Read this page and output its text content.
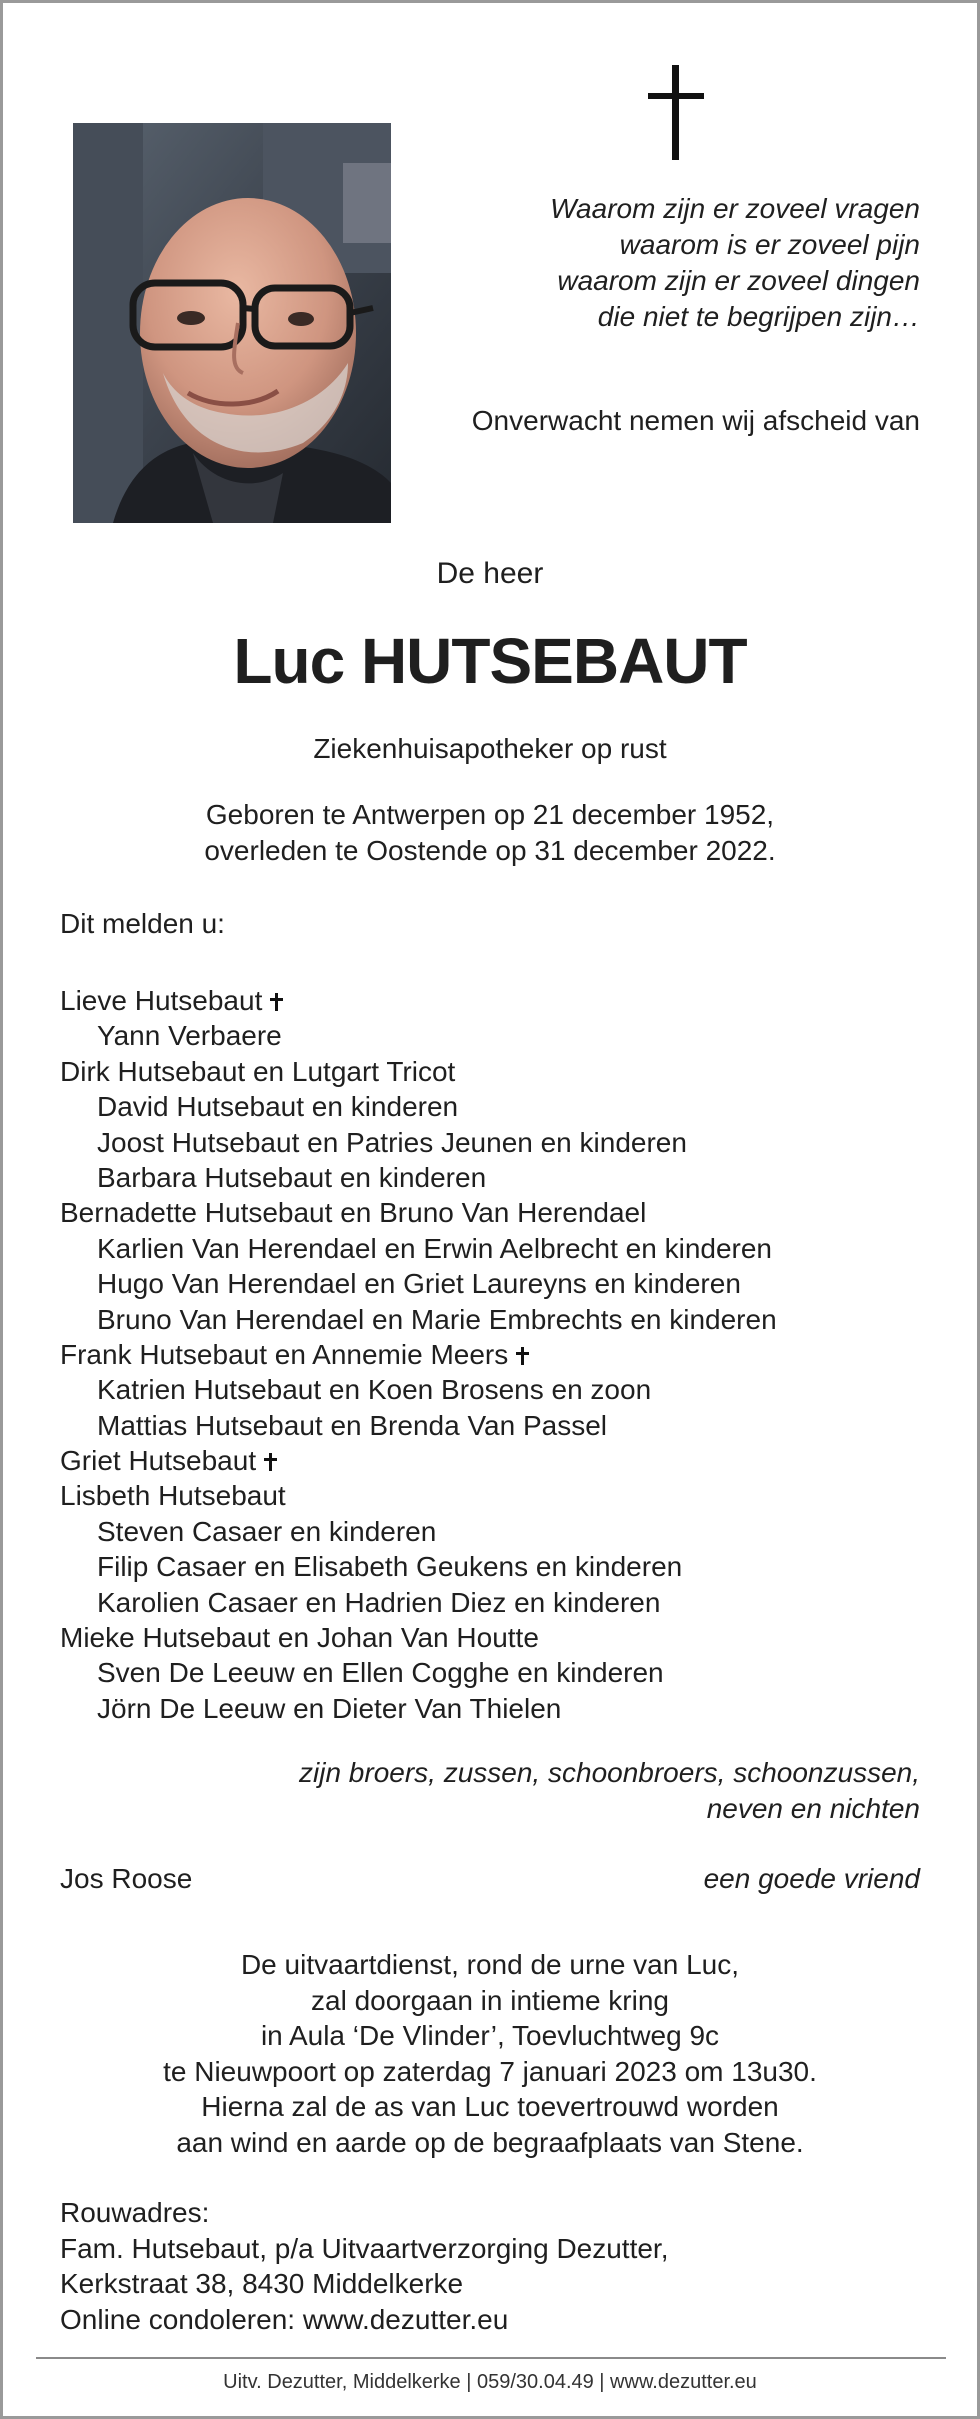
Waarom zijn er zoveel vragen
waarom is er zoveel pijn
waarom zijn er zoveel dingen
die niet te begrijpen zijn…
Onverwacht nemen wij afscheid van
De heer
Luc HUTSEBAUT
Ziekenhuisapotheker op rust
Geboren te Antwerpen op 21 december 1952,
overleden te Oostende op 31 december 2022.
Dit melden u:
Lieve Hutsebaut
Yann Verbaere
Dirk Hutsebaut en Lutgart Tricot
David Hutsebaut en kinderen
Joost Hutsebaut en Patries Jeunen en kinderen
Barbara Hutsebaut en kinderen
Bernadette Hutsebaut en Bruno Van Herendael
Karlien Van Herendael en Erwin Aelbrecht en kinderen
Hugo Van Herendael en Griet Laureyns en kinderen
Bruno Van Herendael en Marie Embrechts en kinderen
Frank Hutsebaut en Annemie Meers
Katrien Hutsebaut en Koen Brosens en zoon
Mattias Hutsebaut en Brenda Van Passel
Griet Hutsebaut
Lisbeth Hutsebaut
Steven Casaer en kinderen
Filip Casaer en Elisabeth Geukens en kinderen
Karolien Casaer en Hadrien Diez en kinderen
Mieke Hutsebaut en Johan Van Houtte
Sven De Leeuw en Ellen Cogghe en kinderen
Jörn De Leeuw en Dieter Van Thielen
zijn broers, zussen, schoonbroers, schoonzussen,
neven en nichten
Jos Roose	een goede vriend
De uitvaartdienst, rond de urne van Luc,
zal doorgaan in intieme kring
in Aula ‘De Vlinder’, Toevluchtweg 9c
te Nieuwpoort op zaterdag 7 januari 2023 om 13u30.
Hierna zal de as van Luc toevertrouwd worden
aan wind en aarde op de begraafplaats van Stene.
Rouwadres:
Fam. Hutsebaut, p/a Uitvaartverzorging Dezutter,
Kerkstraat 38, 8430 Middelkerke
Online condoleren: www.dezutter.eu
Uitv. Dezutter, Middelkerke | 059/30.04.49 | www.dezutter.eu
